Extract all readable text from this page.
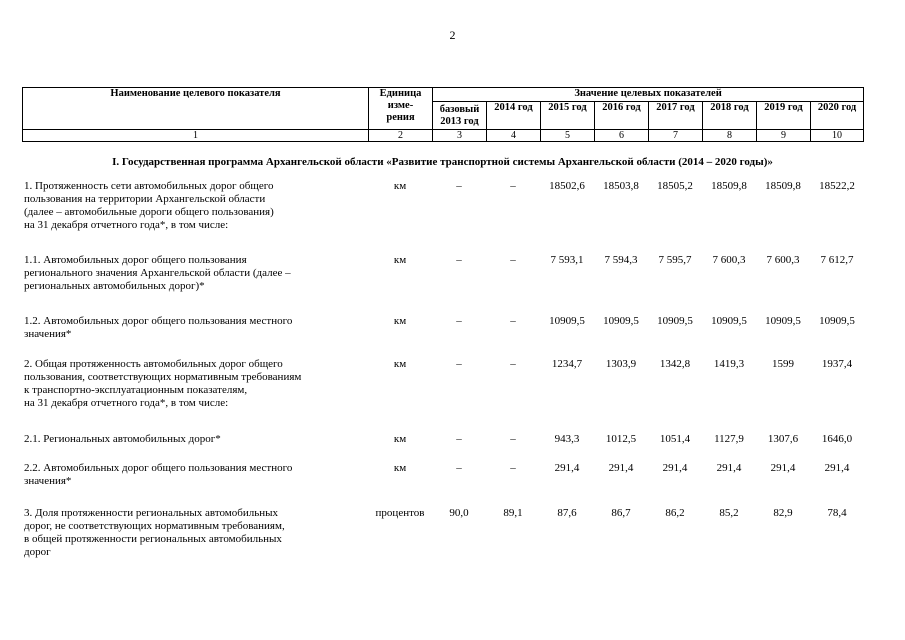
2
Наименование целевого показателя	Единица
изме-
рения	Значение целевых показателей							
		базовый
2013 год	2014 год	2015 год	2016 год	2017 год	2018 год	2019 год	2020 год
1	2	3	4	5	6	7	8	9	10
I. Государственная программа Архангельской области «Развитие транспортной системы Архангельской области (2014 – 2020 годы)»
1. Протяженность сети автомобильных дорог общего
пользования на территории Архангельской области
(далее – автомобильные дороги общего пользования)
на 31 декабря отчетного года*, в том числе:
км	–	–	18502,6	18503,8	18505,2	18509,8	18509,8	18522,2
1.1. Автомобильных дорог общего пользования
регионального значения Архангельской области (далее –
региональных автомобильных дорог)*
км	–	–	7 593,1	7 594,3	7 595,7	7 600,3	7 600,3	7 612,7
1.2. Автомобильных дорог общего пользования местного
значения*
км	–	–	10909,5	10909,5	10909,5	10909,5	10909,5	10909,5
2. Общая протяженность автомобильных дорог общего
пользования, соответствующих нормативным требованиям
к транспортно-эксплуатационным показателям,
на 31 декабря отчетного года*, в том числе:
км	–	–	1234,7	1303,9	1342,8	1419,3	1599	1937,4
2.1. Региональных автомобильных дорог*	км	–	–	943,3	1012,5	1051,4	1127,9	1307,6	1646,0
2.2. Автомобильных дорог общего пользования местного
значения*
км	–	–	291,4	291,4	291,4	291,4	291,4	291,4
3. Доля протяженности региональных автомобильных
дорог, не соответствующих нормативным требованиям,
в общей протяженности региональных автомобильных
дорог
процентов	90,0	89,1	87,6	86,7	86,2	85,2	82,9	78,4
